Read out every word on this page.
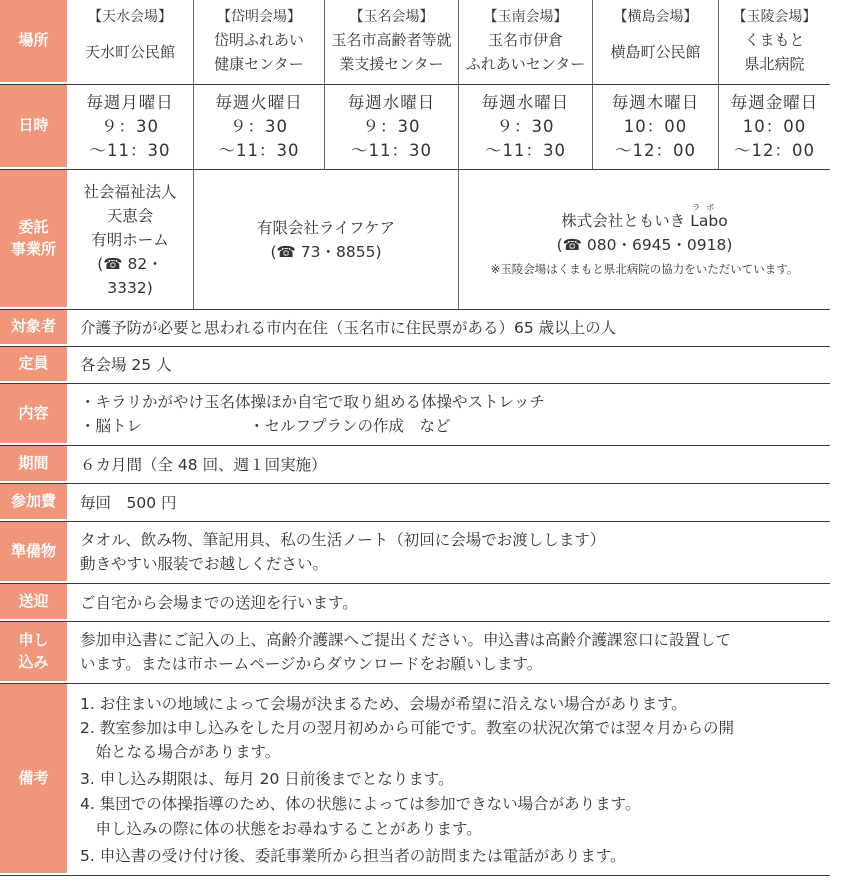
場所
【天水会場】
天水町公民館
【岱明会場】
岱明ふれあい
健康センター
【玉名会場】
玉名市高齢者等就
業支援センター
【玉南会場】
玉名市伊倉
ふれあいセンター
【横島会場】
横島町公民館
【玉陵会場】
くまもと
県北病院
日時
毎週月曜日
９：30
～11：30
毎週火曜日
９：30
～11：30
毎週水曜日
９：30
～11：30
毎週水曜日
９：30
～11：30
毎週木曜日
10：00
～12：00
毎週金曜日
10：00
～12：00
委託
事業所
社会福祉法人
天恵会
有明ホーム
(☎ 82・
3332)
有限会社ライフケア
(☎ 73・8855)
株式会社ともいき
ラボ
Labo
(☎ 080・6945・0918)
※玉陵会場はくまもと県北病院の協力をいただいています。
対象者 介護予防が必要と思われる市内在住（玉名市に住民票がある）65 歳以上の人
定員 各会場 25 人
内容
・キラリかがやけ玉名体操ほか自宅で取り組める体操やストレッチ
・脳トレ	・セルフプランの作成　など
期間 ６カ月間（全 48 回、週１回実施）
参加費 毎回　500 円
準備物
タオル、飲み物、筆記用具、私の生活ノート（初回に会場でお渡しします）
動きやすい服装でお越しください。
送迎 ご自宅から会場までの送迎を行います。
申し
込み
参加申込書にご記入の上、高齢介護課へご提出ください。申込書は高齢介護課窓口に設置して
います。または市ホームページからダウンロードをお願いします。
備考
1. お住まいの地域によって会場が決まるため、会場が希望に沿えない場合があります。
2. 教室参加は申し込みをした月の翌月初めから可能です。教室の状況次第では翌々月からの開
　始となる場合があります。
3. 申し込み期限は、毎月 20 日前後までとなります。
4. 集団での体操指導のため、体の状態によっては参加できない場合があります。
　申し込みの際に体の状態をお尋ねすることがあります。
5. 申込書の受け付け後、委託事業所から担当者の訪問または電話があります。
